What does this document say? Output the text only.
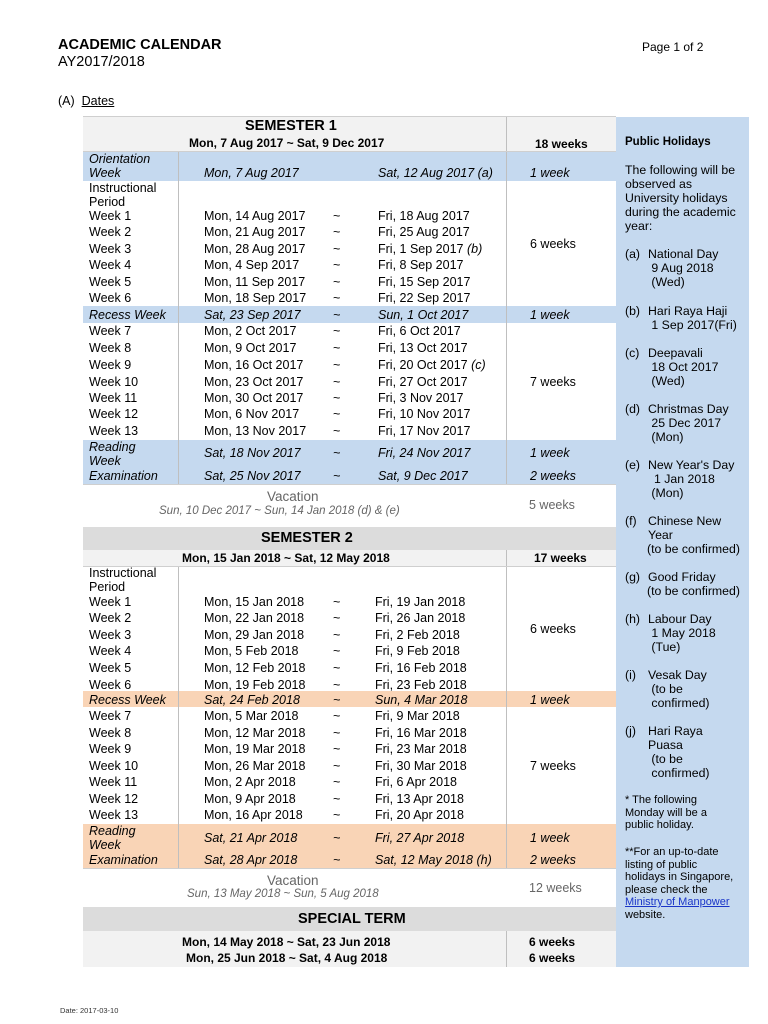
ACADEMIC CALENDAR
AY2017/2018
Page 1 of 2
(A) Dates
SEMESTER 1
Mon, 7 Aug 2017 ~ Sat, 9 Dec 2017	18 weeks
Orientation
Week	Mon, 7 Aug 2017	Sat, 12 Aug 2017 (a)	1 week
Instructional
Period
Week 1	Mon, 14 Aug 2017 ~	Fri, 18 Aug 2017
Week 2	Mon, 21 Aug 2017 ~	Fri, 25 Aug 2017
Week 3	Mon, 28 Aug 2017 ~	Fri, 1 Sep 2017 (b)	6 weeks
Week 4	Mon, 4 Sep 2017	~	Fri, 8 Sep 2017
Week 5	Mon, 11 Sep 2017 ~	Fri, 15 Sep 2017
Week 6	Mon, 18 Sep 2017 ~	Fri, 22 Sep 2017
Recess Week	Sat, 23 Sep 2017	~	Sun, 1 Oct 2017	1 week
Week 7	Mon, 2 Oct 2017	~	Fri, 6 Oct 2017
Week 8	Mon, 9 Oct 2017	~	Fri, 13 Oct 2017
Week 9	Mon, 16 Oct 2017 ~	Fri, 20 Oct 2017 (c)
Week 10	Mon, 23 Oct 2017 ~	Fri, 27 Oct 2017	7 weeks
Week 11	Mon, 30 Oct 2017 ~	Fri, 3 Nov 2017
Week 12	Mon, 6 Nov 2017	~	Fri, 10 Nov 2017
Week 13	Mon, 13 Nov 2017 ~	Fri, 17 Nov 2017
Reading
Week
Sat, 18 Nov 2017	~	Fri, 24 Nov 2017	1 week
Examination	Sat, 25 Nov 2017	~	Sat, 9 Dec 2017	2 weeks
Vacation
Sun, 10 Dec 2017 ~ Sun, 14 Jan 2018 (d) & (e)	5 weeks
SEMESTER 2
Mon, 15 Jan 2018 ~ Sat, 12 May 2018	17 weeks
Instructional
Period
Week 1	Mon, 15 Jan 2018 ~	Fri, 19 Jan 2018
Week 2	Mon, 22 Jan 2018 ~	Fri, 26 Jan 2018
Week 3	Mon, 29 Jan 2018 ~	Fri, 2 Feb 2018	6 weeks
Week 4	Mon, 5 Feb 2018	~	Fri, 9 Feb 2018
Week 5	Mon, 12 Feb 2018 ~	Fri, 16 Feb 2018
Week 6	Mon, 19 Feb 2018 ~	Fri, 23 Feb 2018
Recess Week	Sat, 24 Feb 2018	~	Sun, 4 Mar 2018	1 week
Week 7	Mon, 5 Mar 2018	~	Fri, 9 Mar 2018
Week 8	Mon, 12 Mar 2018 ~	Fri, 16 Mar 2018
Week 9	Mon, 19 Mar 2018 ~	Fri, 23 Mar 2018
Week 10	Mon, 26 Mar 2018 ~	Fri, 30 Mar 2018	7 weeks
Week 11	Mon, 2 Apr 2018	~	Fri, 6 Apr 2018
Week 12	Mon, 9 Apr 2018	~	Fri, 13 Apr 2018
Week 13	Mon, 16 Apr 2018 ~	Fri, 20 Apr 2018
Reading
Week	Sat, 21 Apr 2018	~	Fri, 27 Apr 2018	1 week
Examination	Sat, 28 Apr 2018	~	Sat, 12 May 2018 (h)	2 weeks
Vacation
Sun, 13 May 2018 ~ Sun, 5 Aug 2018	12 weeks
SPECIAL TERM
Mon, 14 May 2018 ~ Sat, 23 Jun 2018	6 weeks
Mon, 25 Jun 2018 ~ Sat, 4 Aug 2018	6 weeks
Public Holidays
The following will be
observed as
University holidays
during the academic
year:
(a) National Day
9 Aug 2018
(Wed)
(b) Hari Raya Haji
1 Sep 2017(Fri)
(c) Deepavali
18 Oct 2017
(Wed)
(d) Christmas Day
25 Dec 2017
(Mon)
(e) New Year's Day
1 Jan 2018
(Mon)
(f) Chinese New
Year
(to be confirmed)
(g) Good Friday
(to be confirmed)
(h) Labour Day
1 May 2018
(Tue)
(i) Vesak Day
(to be
confirmed)
(j) Hari Raya
Puasa
(to be
confirmed)
* The following
Monday will be a
public holiday.
**For an up-to-date
listing of public
holidays in Singapore,
please check the
Ministry of Manpower
website.
Date: 2017-03-10
